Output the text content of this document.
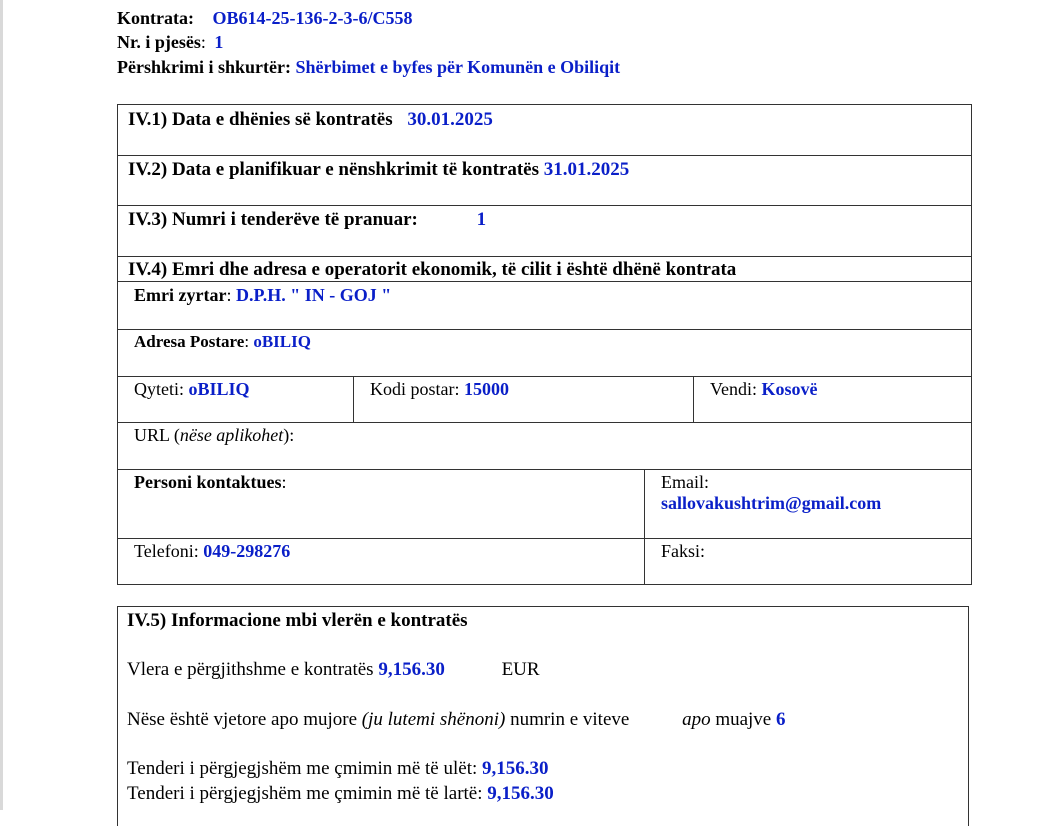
Kontrata: OB614-25-136-2-3-6/C558
Nr. i pjesës: 1
Përshkrimi i shkurtër: Shërbimet e byfes për Komunën e Obiliqit
IV.1) Data e dhënies së kontratës 30.01.2025			
IV.2) Data e planifikuar e nënshkrimit të kontratës 31.01.2025			
IV.3) Numri i tenderëve të pranuar: 1			
IV.4) Emri dhe adresa e operatorit ekonomik, të cilit i është dhënë kontrata			
Emri zyrtar: D.P.H. " IN - GOJ "			
Adresa Postare: oBILIQ			
Qyteti: oBILIQ	Kodi postar: 15000		Vendi: Kosovë
URL (nëse aplikohet):			
Personi kontaktues:		Email:
sallovakushtrim@gmail.com	

Telefoni: 049-298276		Faksi:	
IV.5) Informacione mbi vlerën e kontratës
Vlera e përgjithshme e kontratës 9,156.30	EUR
Nëse është vjetore apo mujore (ju lutemi shënoni) numrin e viteve	apo muajve 6
Tenderi i përgjegjshëm me çmimin më të ulët: 9,156.30
Tenderi i përgjegjshëm me çmimin më të lartë: 9,156.30
